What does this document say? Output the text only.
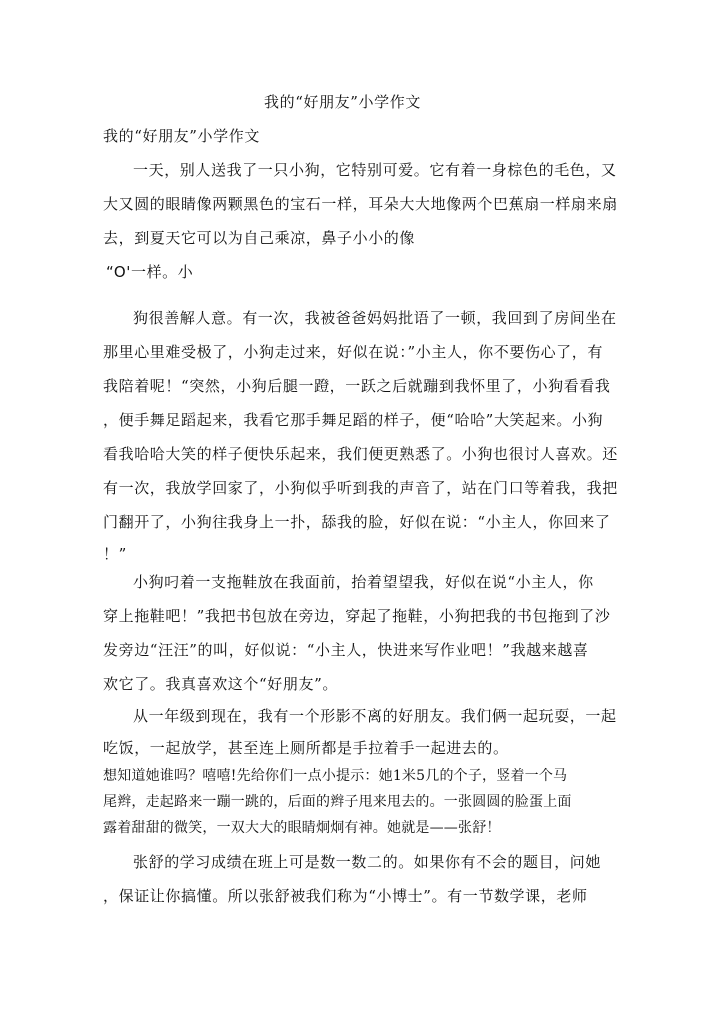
我的“好朋友”小学作文
我的“好朋友”小学作文
一天，别人送我了一只小狗，它特别可爱。它有着一身棕色的毛色，又
大又圆的眼睛像两颗黑色的宝石一样，耳朵大大地像两个巴蕉扇一样扇来扇
去，到夏天它可以为自己乘凉，鼻子小小的像
“O'一样。小
狗很善解人意。有一次，我被爸爸妈妈批语了一顿，我回到了房间坐在
那里心里难受极了，小狗走过来，好似在说：”小主人，你不要伤心了，有
我陪着呢！“突然，小狗后腿一蹬，一跃之后就蹦到我怀里了，小狗看看我
，便手舞足蹈起来，我看它那手舞足蹈的样子，便“哈哈”大笑起来。小狗
看我哈哈大笑的样子便快乐起来，我们便更熟悉了。小狗也很讨人喜欢。还
有一次，我放学回家了，小狗似乎听到我的声音了，站在门口等着我，我把
门翻开了，小狗往我身上一扑，舔我的脸，好似在说：“小主人，你回来了
！”
小狗叼着一支拖鞋放在我面前，抬着望望我，好似在说“小主人，你
穿上拖鞋吧！”我把书包放在旁边，穿起了拖鞋，小狗把我的书包拖到了沙
发旁边“汪汪”的叫，好似说：“小主人，快进来写作业吧！”我越来越喜
欢它了。我真喜欢这个“好朋友”。
从一年级到现在，我有一个形影不离的好朋友。我们俩一起玩耍，一起
吃饭，一起放学，甚至连上厕所都是手拉着手一起进去的。
想知道她谁吗？嘻嘻!先给你们一点小提示：她1米5几的个子，竖着一个马
尾辫，走起路来一蹦一跳的，后面的辫子甩来甩去的。一张圆圆的脸蛋上面
露着甜甜的微笑，一双大大的眼睛炯炯有神。她就是——张舒！
张舒的学习成绩在班上可是数一数二的。如果你有不会的题目，问她
，保证让你搞懂。所以张舒被我们称为“小博士”。有一节数学课，老师
